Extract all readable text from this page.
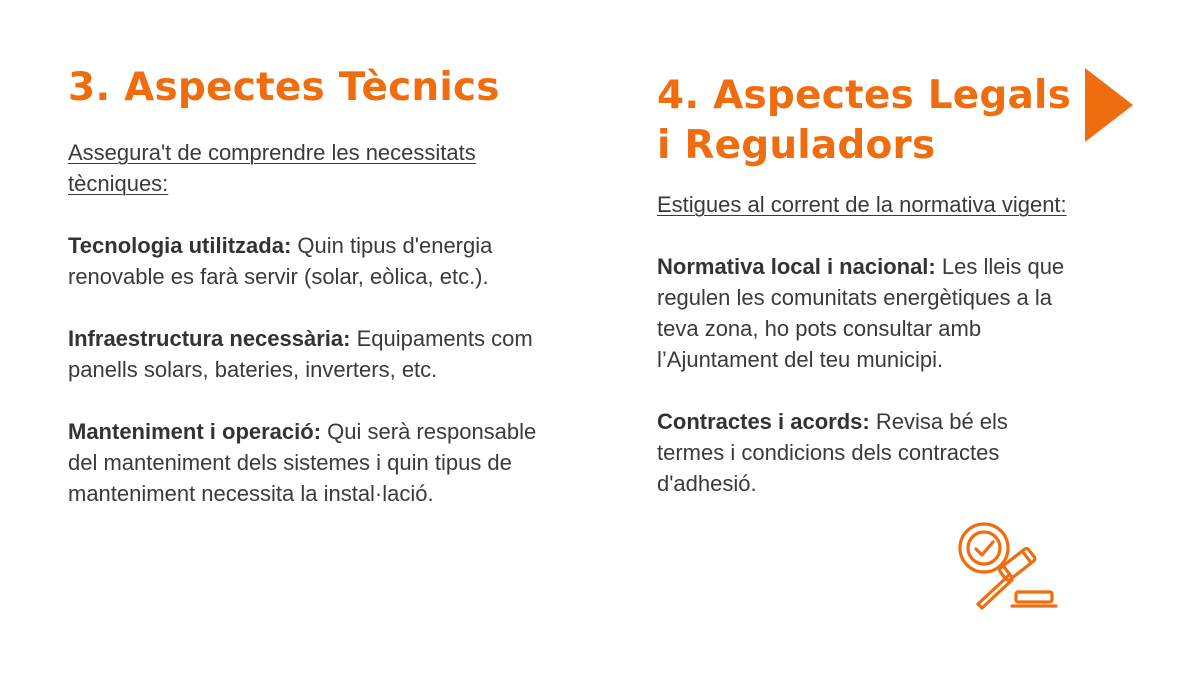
3. Aspectes Tècnics

Assegura't de comprendre les necessitats tècniques:

Tecnologia utilitzada: Quin tipus d'energia renovable es farà servir (solar, eòlica, etc.).

Infraestructura necessària: Equipaments com panells solars, bateries, inverters, etc.

Manteniment i operació: Qui serà responsable del manteniment dels sistemes i quin tipus de manteniment necessita la instal·lació.

4. Aspectes Legals i Reguladors

Estigues al corrent de la normativa vigent:

Normativa local i nacional: Les lleis que regulen les comunitats energètiques a la teva zona, ho pots consultar amb l’Ajuntament del teu municipi.

Contractes i acords: Revisa bé els termes i condicions dels contractes d'adhesió.
